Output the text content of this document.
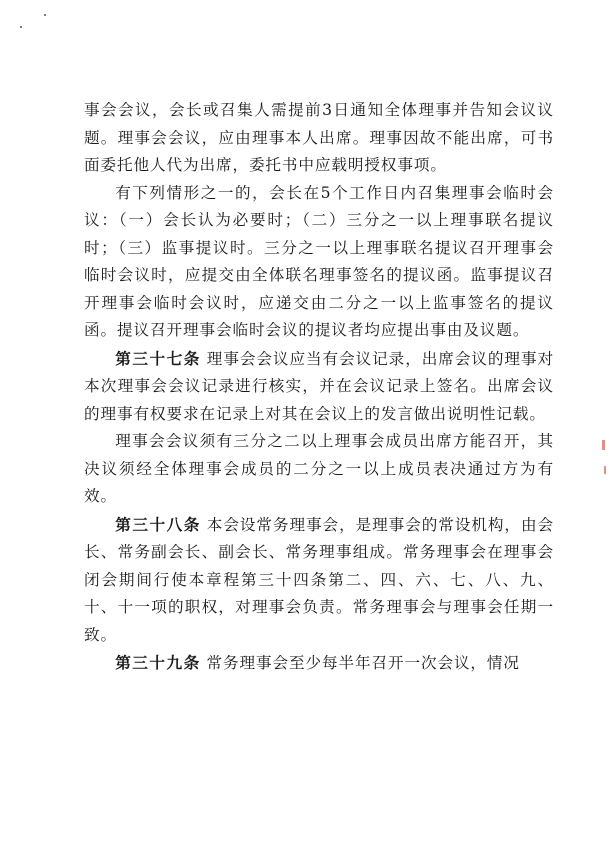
事会会议，会长或召集人需提前3日通知全体理事并告知会议议题。理事会会议，应由理事本人出席。理事因故不能出席，可书面委托他人代为出席，委托书中应载明授权事项。

有下列情形之一的，会长在5个工作日内召集理事会临时会议：（一）会长认为必要时；（二）三分之一以上理事联名提议时；（三）监事提议时。三分之一以上理事联名提议召开理事会临时会议时，应提交由全体联名理事签名的提议函。监事提议召开理事会临时会议时，应递交由二分之一以上监事签名的提议函。提议召开理事会临时会议的提议者均应提出事由及议题。

第三十七条 理事会会议应当有会议记录，出席会议的理事对本次理事会会议记录进行核实，并在会议记录上签名。出席会议的理事有权要求在记录上对其在会议上的发言做出说明性记载。

理事会会议须有三分之二以上理事会成员出席方能召开，其决议须经全体理事会成员的二分之一以上成员表决通过方为有效。

第三十八条 本会设常务理事会，是理事会的常设机构，由会长、常务副会长、副会长、常务理事组成。常务理事会在理事会闭会期间行使本章程第三十四条第二、四、六、七、八、九、十、十一项的职权，对理事会负责。常务理事会与理事会任期一致。

第三十九条 常务理事会至少每半年召开一次会议，情况
